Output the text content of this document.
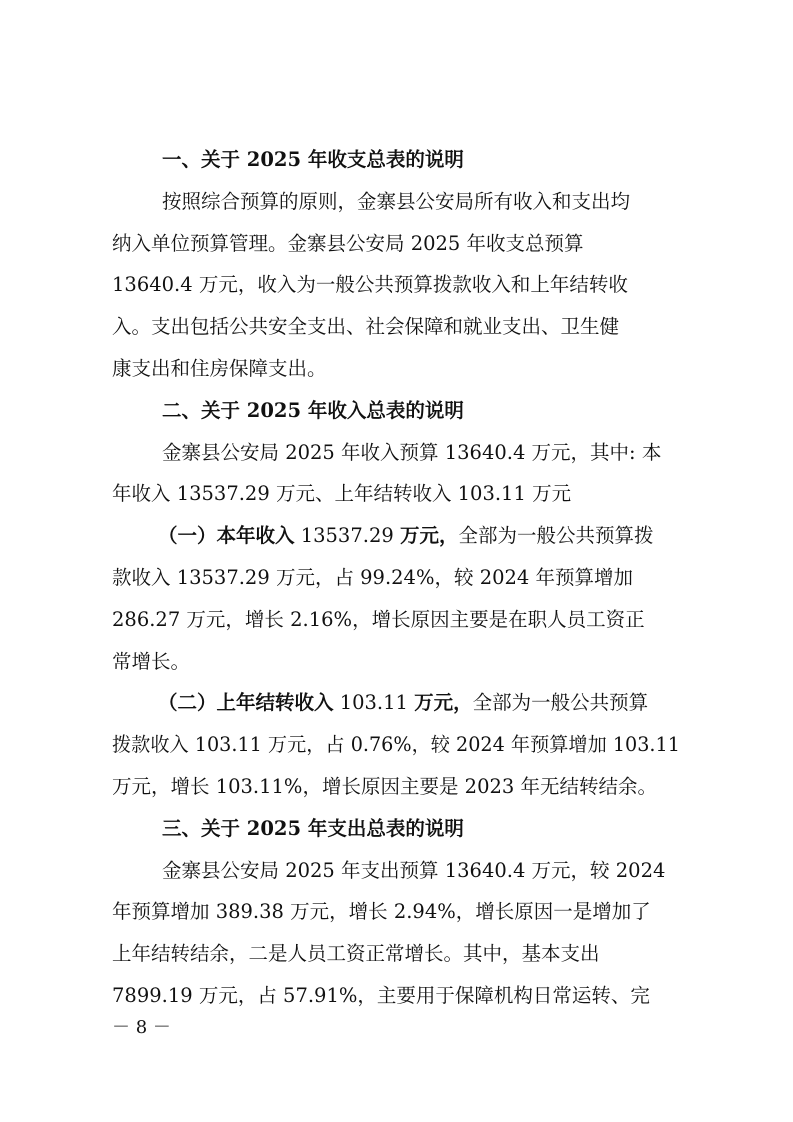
一、关于 2025 年收支总表的说明
按照综合预算的原则，金寨县公安局所有收入和支出均
纳入单位预算管理。金寨县公安局 2025 年收支总预算
13640.4 万元，收入为一般公共预算拨款收入和上年结转收
入。支出包括公共安全支出、社会保障和就业支出、卫生健
康支出和住房保障支出。
二、关于 2025 年收入总表的说明
金寨县公安局 2025 年收入预算 13640.4 万元，其中: 本
年收入 13537.29 万元、上年结转收入 103.11 万元
（一）本年收入 13537.29 万元，全部为一般公共预算拨
款收入 13537.29 万元，占 99.24%，较 2024 年预算增加
286.27 万元，增长 2.16%，增长原因主要是在职人员工资正
常增长。
（二）上年结转收入 103.11 万元，全部为一般公共预算
拨款收入 103.11 万元，占 0.76%，较 2024 年预算增加 103.11
万元，增长 103.11%，增长原因主要是 2023 年无结转结余。
三、关于 2025 年支出总表的说明
金寨县公安局 2025 年支出预算 13640.4 万元，较 2024
年预算增加 389.38 万元，增长 2.94%，增长原因一是增加了
上年结转结余，二是人员工资正常增长。其中，基本支出
7899.19 万元，占 57.91%，主要用于保障机构日常运转、完
－ 8 －
